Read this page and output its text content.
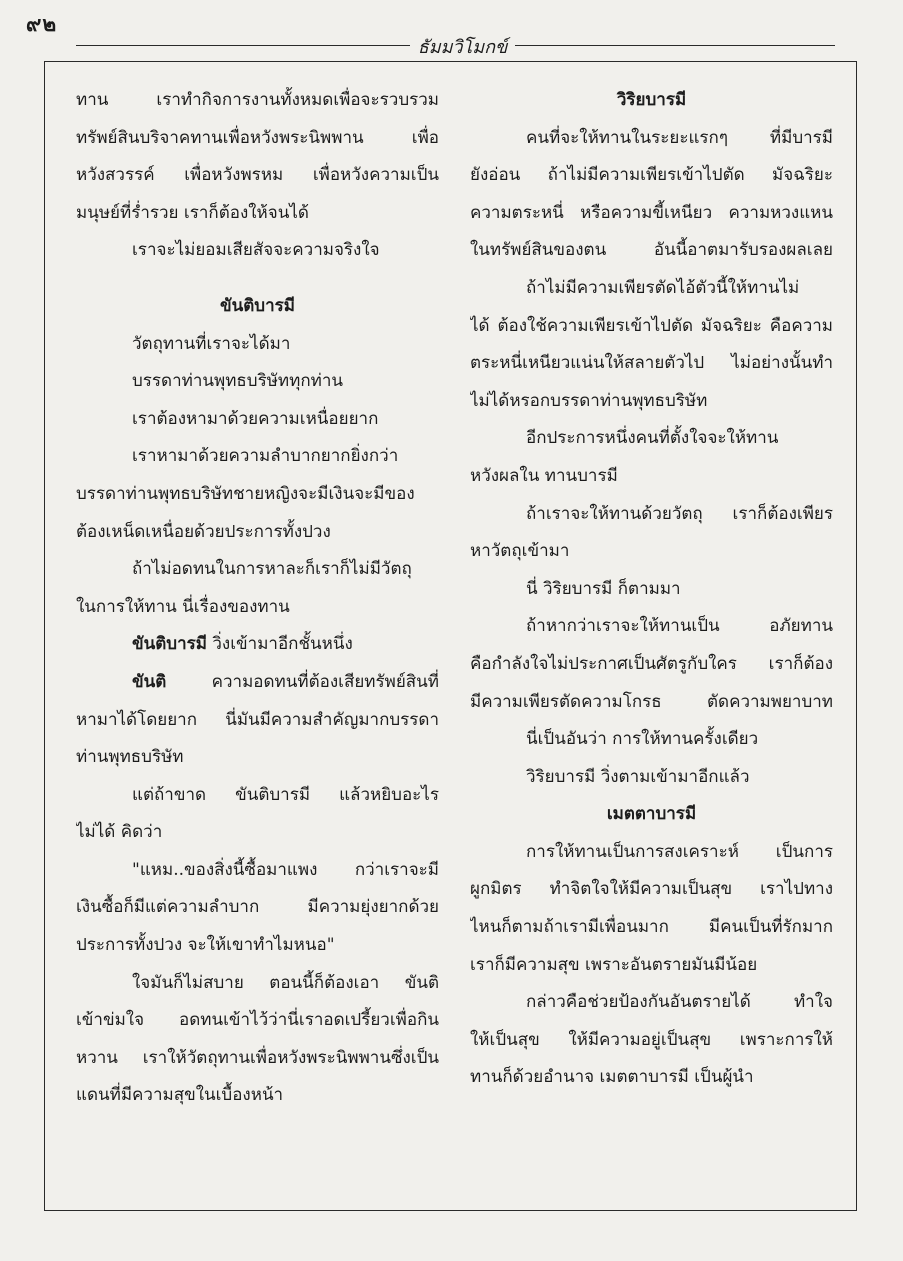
๙๒
ธัมมวิโมกข์
ทาน เราทำกิจการงานทั้งหมดเพื่อจะรวบรวม
ทรัพย์สินบริจาคทานเพื่อหวังพระนิพพาน เพื่อ
หวังสวรรค์ เพื่อหวังพรหม เพื่อหวังความเป็น
มนุษย์ที่ร่ำรวย เราก็ต้องให้จนได้
เราจะไม่ยอมเสียสัจจะความจริงใจ
ขันติบารมี
วัตถุทานที่เราจะได้มา
บรรดาท่านพุทธบริษัททุกท่าน
เราต้องหามาด้วยความเหนื่อยยาก
เราหามาด้วยความลำบากยากยิ่งกว่า
บรรดาท่านพุทธบริษัทชายหญิงจะมีเงินจะมีของ
ต้องเหน็ดเหนื่อยด้วยประการทั้งปวง
ถ้าไม่อดทนในการหาละก็เราก็ไม่มีวัตถุ
ในการให้ทาน นี่เรื่องของทาน
ขันติบารมี วิ่งเข้ามาอีกชั้นหนึ่ง
ขันติ ความอดทนที่ต้องเสียทรัพย์สินที่
หามาได้โดยยาก นี่มันมีความสำคัญมากบรรดา
ท่านพุทธบริษัท
แต่ถ้าขาด ขันติบารมี แล้วหยิบอะไร
ไม่ได้ คิดว่า
"แหม..ของสิ่งนี้ซื้อมาแพง กว่าเราจะมี
เงินซื้อก็มีแต่ความลำบาก มีความยุ่งยากด้วย
ประการทั้งปวง จะให้เขาทำไมหนอ"
ใจมันก็ไม่สบาย ตอนนี้ก็ต้องเอา ขันติ
เข้าข่มใจ อดทนเข้าไว้ว่านี่เราอดเปรี้ยวเพื่อกิน
หวาน เราให้วัตถุทานเพื่อหวังพระนิพพานซึ่งเป็น
แดนที่มีความสุขในเบื้องหน้า
วิริยบารมี
คนที่จะให้ทานในระยะแรกๆ ที่มีบารมี
ยังอ่อน ถ้าไม่มีความเพียรเข้าไปตัด มัจฉริยะ
ความตระหนี่ หรือความขี้เหนียว ความหวงแหน
ในทรัพย์สินของตน อันนี้อาตมารับรองผลเลย
ถ้าไม่มีความเพียรตัดไอ้ตัวนี้ให้ทานไม่
ได้ ต้องใช้ความเพียรเข้าไปตัด มัจฉริยะ คือความ
ตระหนี่เหนียวแน่นให้สลายตัวไป ไม่อย่างนั้นทำ
ไม่ได้หรอกบรรดาท่านพุทธบริษัท
อีกประการหนึ่งคนที่ตั้งใจจะให้ทาน
หวังผลใน ทานบารมี
ถ้าเราจะให้ทานด้วยวัตถุ เราก็ต้องเพียร
หาวัตถุเข้ามา
นี่ วิริยบารมี ก็ตามมา
ถ้าหากว่าเราจะให้ทานเป็น อภัยทาน
คือกำลังใจไม่ประกาศเป็นศัตรูกับใคร เราก็ต้อง
มีความเพียรตัดความโกรธ ตัดความพยาบาท
นี่เป็นอันว่า การให้ทานครั้งเดียว
วิริยบารมี วิ่งตามเข้ามาอีกแล้ว
เมตตาบารมี
การให้ทานเป็นการสงเคราะห์ เป็นการ
ผูกมิตร ทำจิตใจให้มีความเป็นสุข เราไปทาง
ไหนก็ตามถ้าเรามีเพื่อนมาก มีคนเป็นที่รักมาก
เราก็มีความสุข เพราะอันตรายมันมีน้อย
กล่าวคือช่วยป้องกันอันตรายได้ ทำใจ
ให้เป็นสุข ให้มีความอยู่เป็นสุข เพราะการให้
ทานก็ด้วยอำนาจ เมตตาบารมี เป็นผู้นำ
